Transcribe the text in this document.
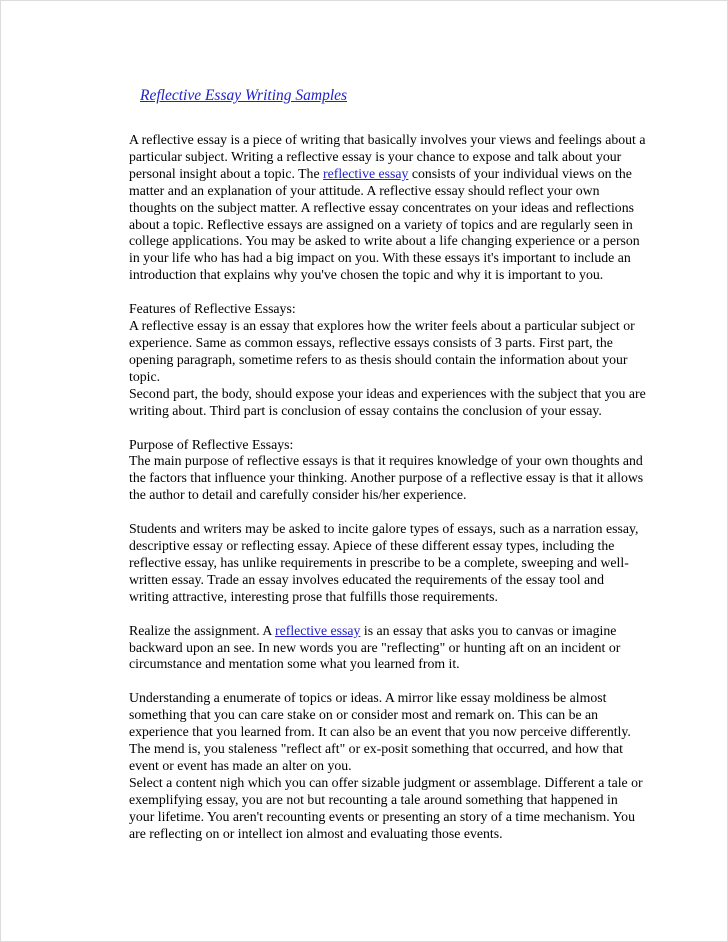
Reflective Essay Writing Samples

A reflective essay is a piece of writing that basically involves your views and feelings about a particular subject. Writing a reflective essay is your chance to expose and talk about your personal insight about a topic. The reflective essay consists of your individual views on the matter and an explanation of your attitude. A reflective essay should reflect your own thoughts on the subject matter. A reflective essay concentrates on your ideas and reflections about a topic. Reflective essays are assigned on a variety of topics and are regularly seen in college applications. You may be asked to write about a life changing experience or a person in your life who has had a big impact on you. With these essays it's important to include an introduction that explains why you've chosen the topic and why it is important to you.

Features of Reflective Essays:

A reflective essay is an essay that explores how the writer feels about a particular subject or experience. Same as common essays, reflective essays consists of 3 parts. First part, the opening paragraph, sometime refers to as thesis should contain the information about your topic.

Second part, the body, should expose your ideas and experiences with the subject that you are writing about. Third part is conclusion of essay contains the conclusion of your essay.

Purpose of Reflective Essays:

The main purpose of reflective essays is that it requires knowledge of your own thoughts and the factors that influence your thinking. Another purpose of a reflective essay is that it allows the author to detail and carefully consider his/her experience.

Students and writers may be asked to incite galore types of essays, such as a narration essay, descriptive essay or reflecting essay. Apiece of these different essay types, including the reflective essay, has unlike requirements in prescribe to be a complete, sweeping and well-written essay. Trade an essay involves educated the requirements of the essay tool and writing attractive, interesting prose that fulfills those requirements.

Realize the assignment. A reflective essay is an essay that asks you to canvas or imagine backward upon an see. In new words you are "reflecting" or hunting aft on an incident or circumstance and mentation some what you learned from it.

Understanding a enumerate of topics or ideas. A mirror like essay moldiness be almost something that you can care stake on or consider most and remark on. This can be an experience that you learned from. It can also be an event that you now perceive differently. The mend is, you staleness "reflect aft" or ex-posit something that occurred, and how that event or event has made an alter on you.

Select a content nigh which you can offer sizable judgment or assemblage. Different a tale or exemplifying essay, you are not but recounting a tale around something that happened in your lifetime. You aren't recounting events or presenting an story of a time mechanism. You are reflecting on or intellect ion almost and evaluating those events.
